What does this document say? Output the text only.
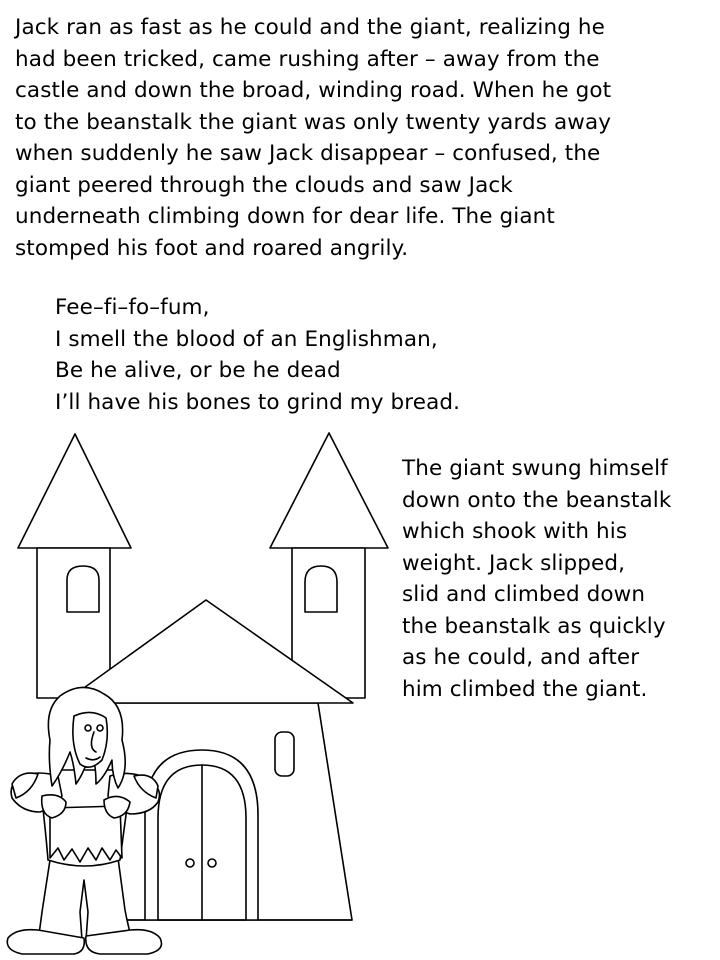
Jack ran as fast as he could and the giant, realizing he
had been tricked, came rushing after – away from the
castle and down the broad, winding road. When he got
to the beanstalk the giant was only twenty yards away
when suddenly he saw Jack disappear – confused, the
giant peered through the clouds and saw Jack
underneath climbing down for dear life. The giant
stomped his foot and roared angrily.
Fee–fi–fo–fum,
I smell the blood of an Englishman,
Be he alive, or be he dead
I’ll have his bones to grind my bread.
The giant swung himself
down onto the beanstalk
which shook with his
weight. Jack slipped,
slid and climbed down
the beanstalk as quickly
as he could, and after
him climbed the giant.
